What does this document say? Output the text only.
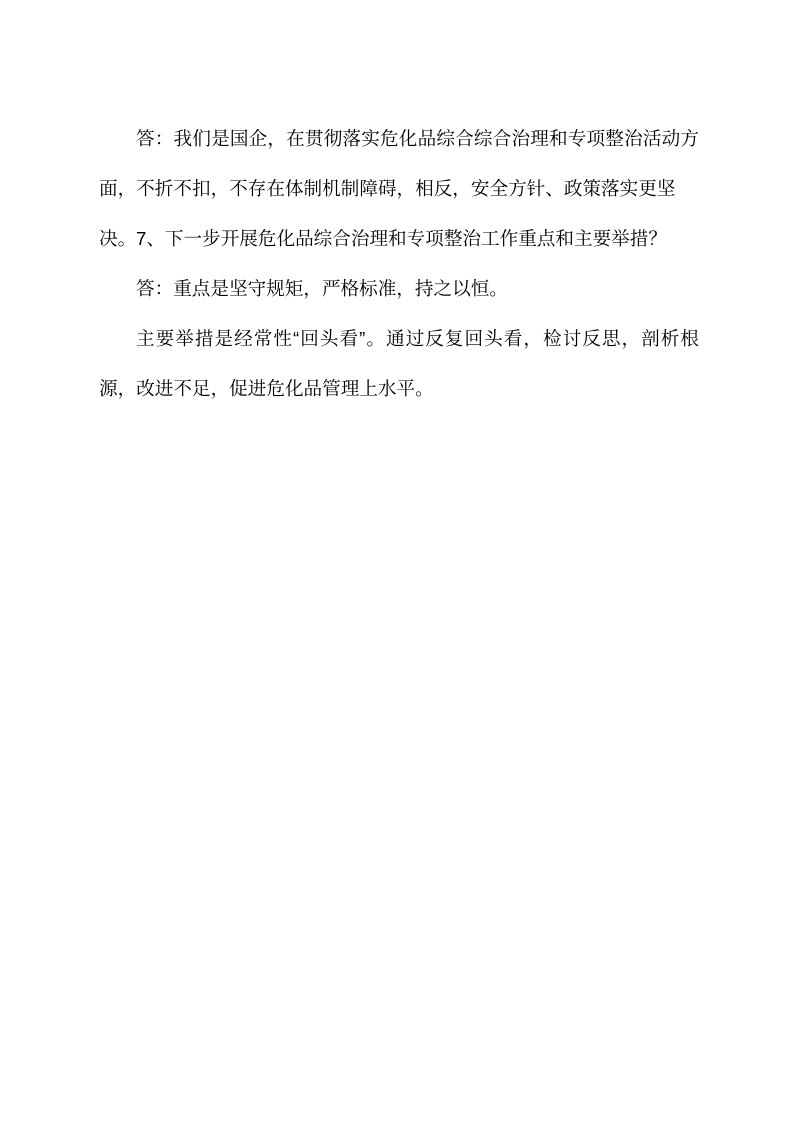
答：我们是国企，在贯彻落实危化品综合综合治理和专项整治活动方
面，不折不扣，不存在体制机制障碍，相反，安全方针、政策落实更坚决。 7、下一步开展危化品综合治理和专项整治工作重点和主要举措？
答：重点是坚守规矩，严格标准，持之以恒。
主要举措是经常性“回头看”。通过反复回头看，检讨反思，剖析根
源，改进不足，促进危化品管理上水平。
